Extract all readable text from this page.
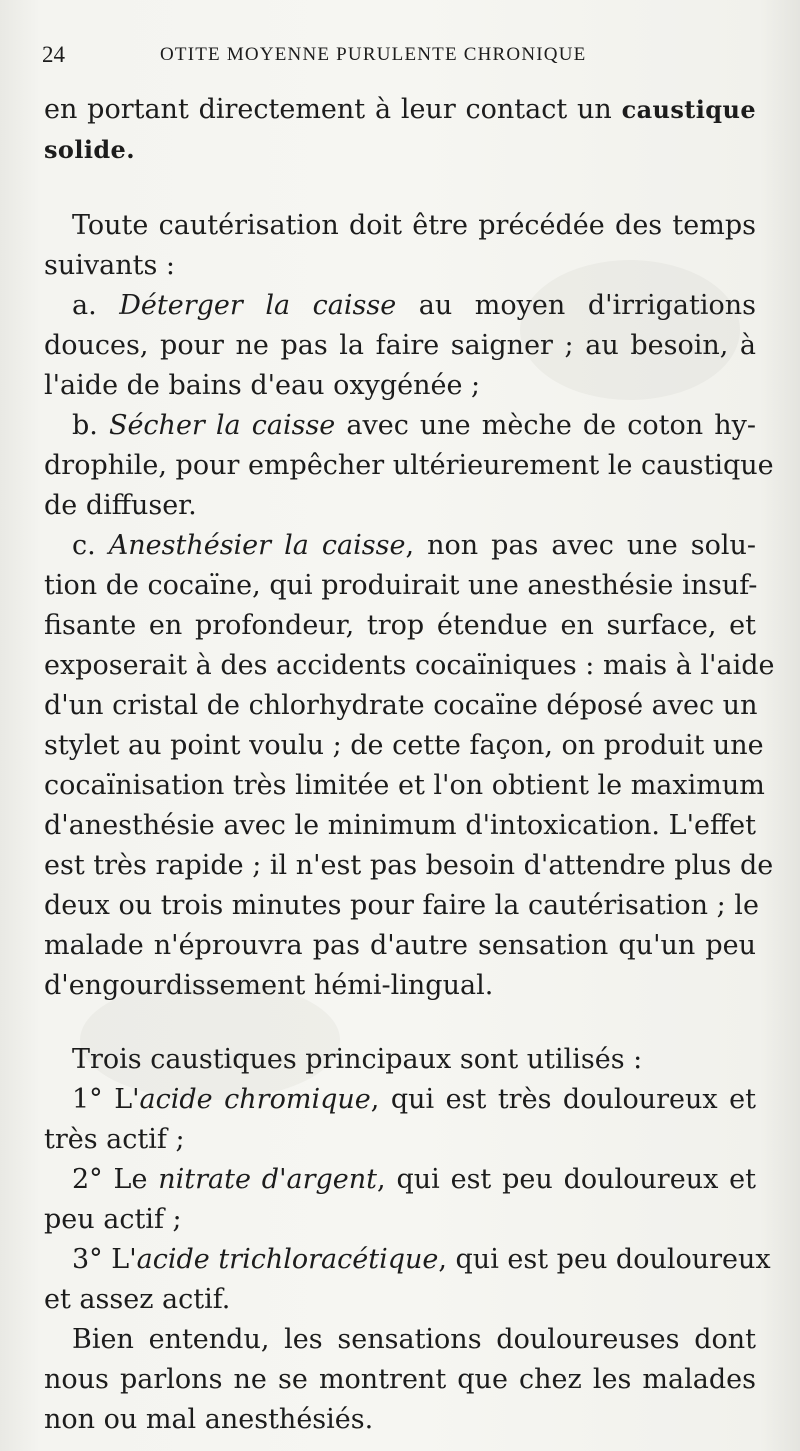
24	OTITE MOYENNE PURULENTE CHRONIQUE
en portant directement à leur contact un caustique
solide.
Toute cautérisation doit être précédée des temps
suivants :
a. Déterger la caisse au moyen d'irrigations
douces, pour ne pas la faire saigner ; au besoin, à
l'aide de bains d'eau oxygénée ;
b. Sécher la caisse avec une mèche de coton hy-
drophile, pour empêcher ultérieurement le caustique
de diffuser.
c. Anesthésier la caisse, non pas avec une solu-
tion de cocaïne, qui produirait une anesthésie insuf-
fisante en profondeur, trop étendue en surface, et
exposerait à des accidents cocaïniques : mais à l'aide
d'un cristal de chlorhydrate cocaïne déposé avec un
stylet au point voulu ; de cette façon, on produit une
cocaïnisation très limitée et l'on obtient le maximum
d'anesthésie avec le minimum d'intoxication. L'effet
est très rapide ; il n'est pas besoin d'attendre plus de
deux ou trois minutes pour faire la cautérisation ; le
malade n'éprouvra pas d'autre sensation qu'un peu
d'engourdissement hémi-lingual.
Trois caustiques principaux sont utilisés :
1° L'acide chromique, qui est très douloureux et
très actif ;
2° Le nitrate d'argent, qui est peu douloureux et
peu actif ;
3° L'acide trichloracétique, qui est peu douloureux
et assez actif.
Bien entendu, les sensations douloureuses dont
nous parlons ne se montrent que chez les malades
non ou mal anesthésiés.
